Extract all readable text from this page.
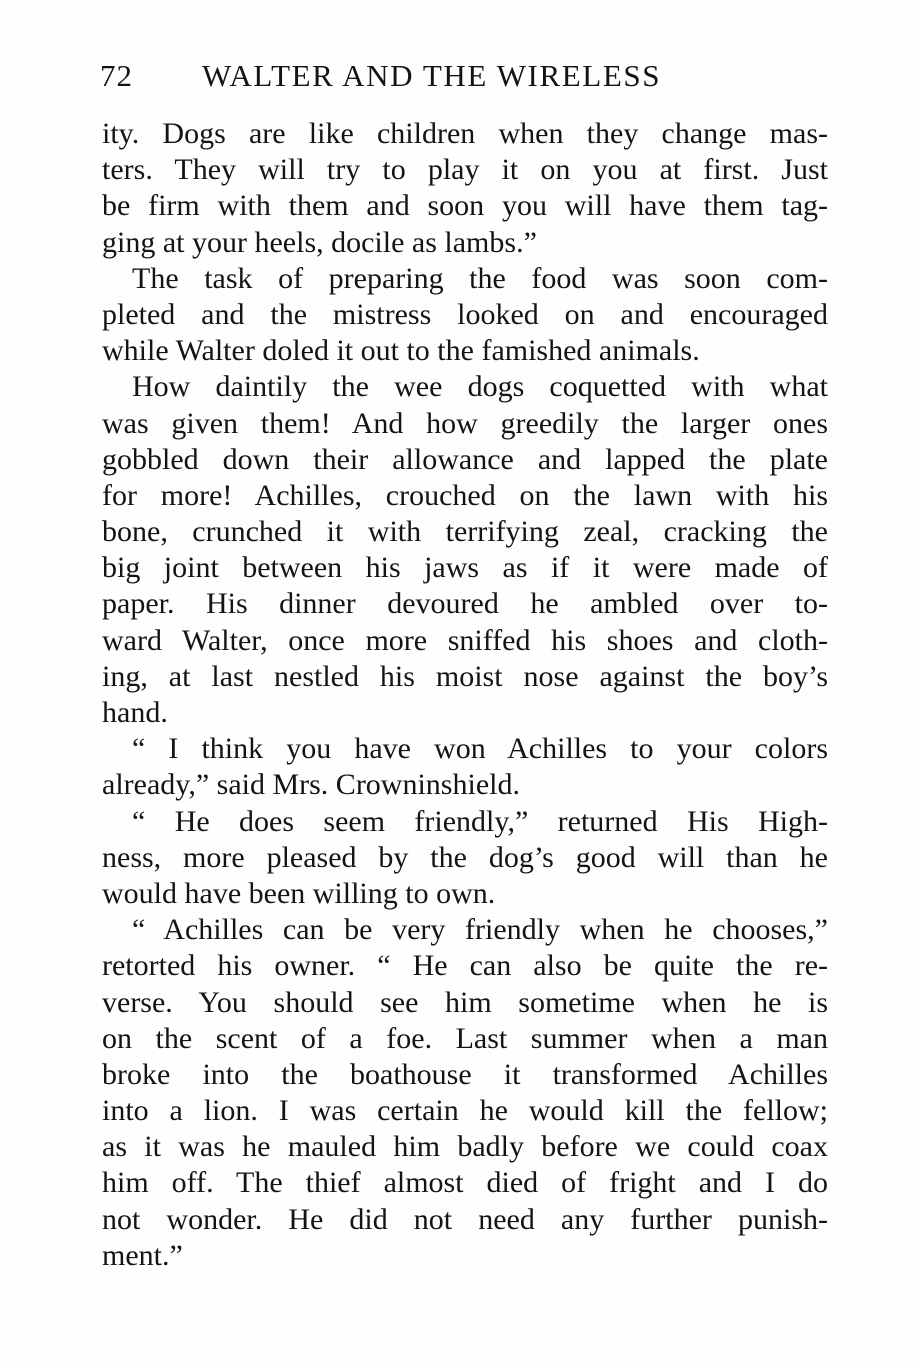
72 WALTER AND THE WIRELESS
ity. Dogs are like children when they change mas-
ters. They will try to play it on you at first. Just
be firm with them and soon you will have them tag-
ging at your heels, docile as lambs.”
The task of preparing the food was soon com-
pleted and the mistress looked on and encouraged
while Walter doled it out to the famished animals.
How daintily the wee dogs coquetted with what
was given them! And how greedily the larger ones
gobbled down their allowance and lapped the plate
for more! Achilles, crouched on the lawn with his
bone, crunched it with terrifying zeal, cracking the
big joint between his jaws as if it were made of
paper. His dinner devoured he ambled over to-
ward Walter, once more sniffed his shoes and cloth-
ing, at last nestled his moist nose against the boy’s
hand.
“ I think you have won Achilles to your colors
already,” said Mrs. Crowninshield.
“ He does seem friendly,” returned His High-
ness, more pleased by the dog’s good will than he
would have been willing to own.
“ Achilles can be very friendly when he chooses,”
retorted his owner. “ He can also be quite the re-
verse. You should see him sometime when he is
on the scent of a foe. Last summer when a man
broke into the boathouse it transformed Achilles
into a lion. I was certain he would kill the fellow;
as it was he mauled him badly before we could coax
him off. The thief almost died of fright and I do
not wonder. He did not need any further punish-
ment.”
